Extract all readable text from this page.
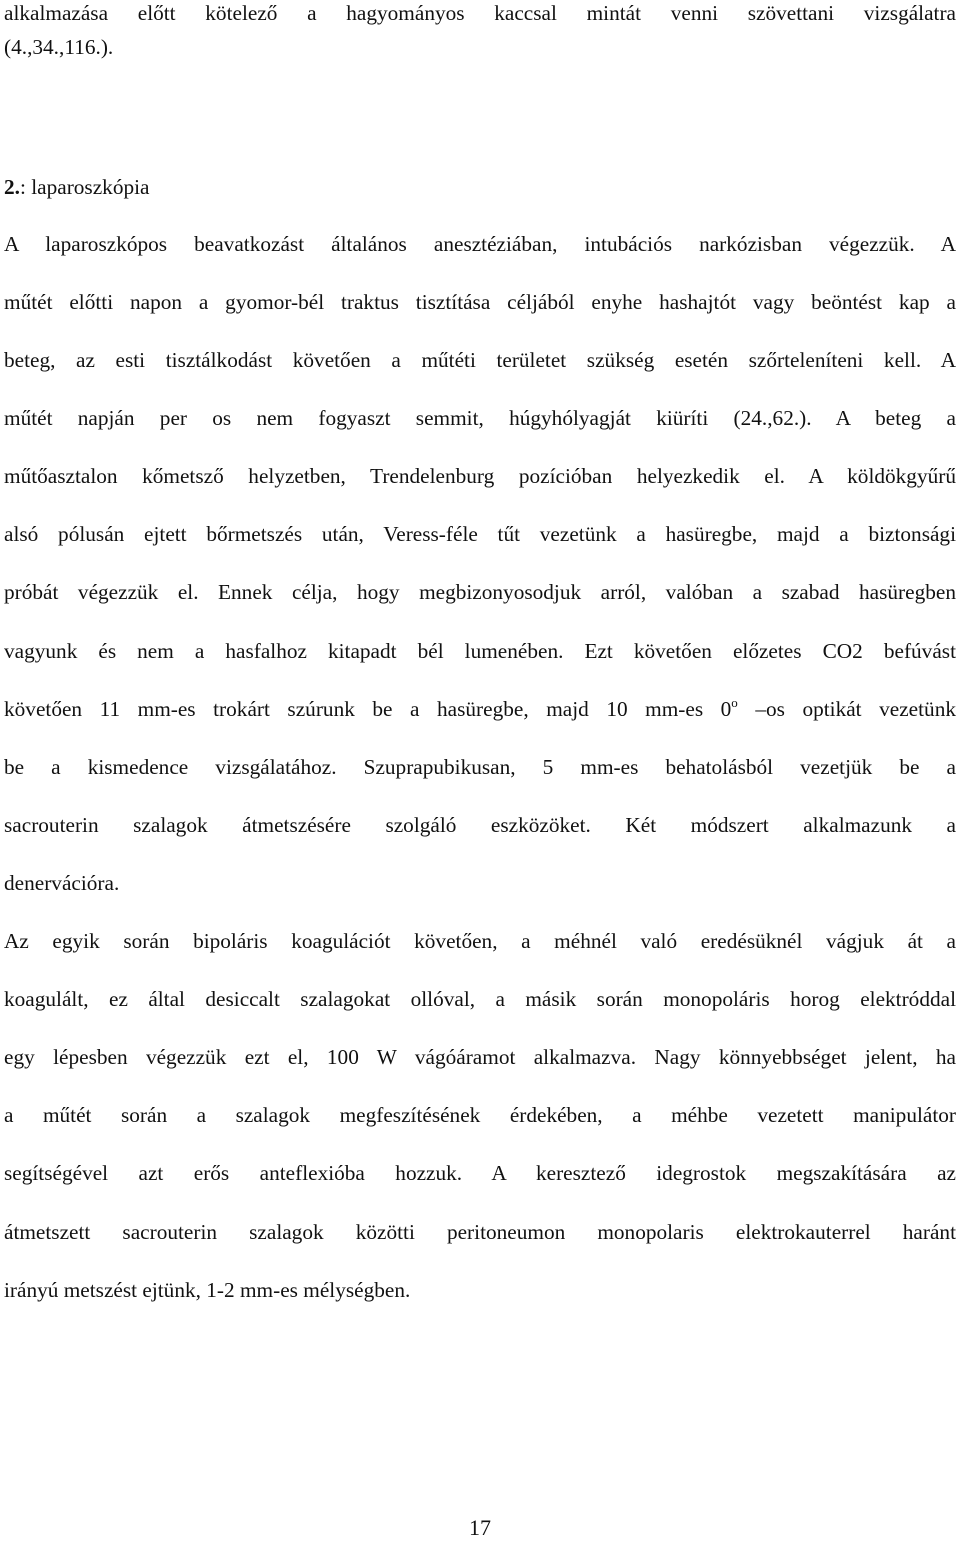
alkalmazása előtt kötelező a hagyományos kaccsal mintát venni szövettani vizsgálatra
(4.,34.,116.).
2.: laparoszkópia
A laparoszkópos beavatkozást általános anesztéziában, intubációs narkózisban végezzük. A
műtét előtti napon a gyomor-bél traktus tisztítása céljából enyhe hashajtót vagy beöntést kap a
beteg, az esti tisztálkodást követően a műtéti területet szükség esetén szőrteleníteni kell. A
műtét napján per os nem fogyaszt semmit, húgyhólyagját kiüríti (24.,62.). A beteg a
műtőasztalon kőmetsző helyzetben, Trendelenburg pozícióban helyezkedik el. A köldökgyűrű
alsó pólusán ejtett bőrmetszés után, Veress-féle tűt vezetünk a hasüregbe, majd a biztonsági
próbát végezzük el. Ennek célja, hogy megbizonyosodjuk arról, valóban a szabad hasüregben
vagyunk és nem a hasfalhoz kitapadt bél lumenében. Ezt követően előzetes CO2 befúvást
követően 11 mm-es trokárt szúrunk be a hasüregbe, majd 10 mm-es 0$^o$ –os optikát vezetünk
be a kismedence vizsgálatához. Szuprapubikusan, 5 mm-es behatolásból vezetjük be a
sacrouterin szalagok átmetszésére szolgáló eszközöket. Két módszert alkalmazunk a
denervációra.
Az egyik során bipoláris koagulációt követően, a méhnél való eredésüknél vágjuk át a
koagulált, ez által desiccalt szalagokat ollóval, a másik során monopoláris horog elektróddal
egy lépesben végezzük ezt el, 100 W vágóáramot alkalmazva. Nagy könnyebbséget jelent, ha
a műtét során a szalagok megfeszítésének érdekében, a méhbe vezetett manipulátor
segítségével azt erős anteflexióba hozzuk. A keresztező idegrostok megszakítására az
átmetszett sacrouterin szalagok közötti peritoneumon monopolaris elektrokauterrel haránt
irányú metszést ejtünk, 1-2 mm-es mélységben.
17
